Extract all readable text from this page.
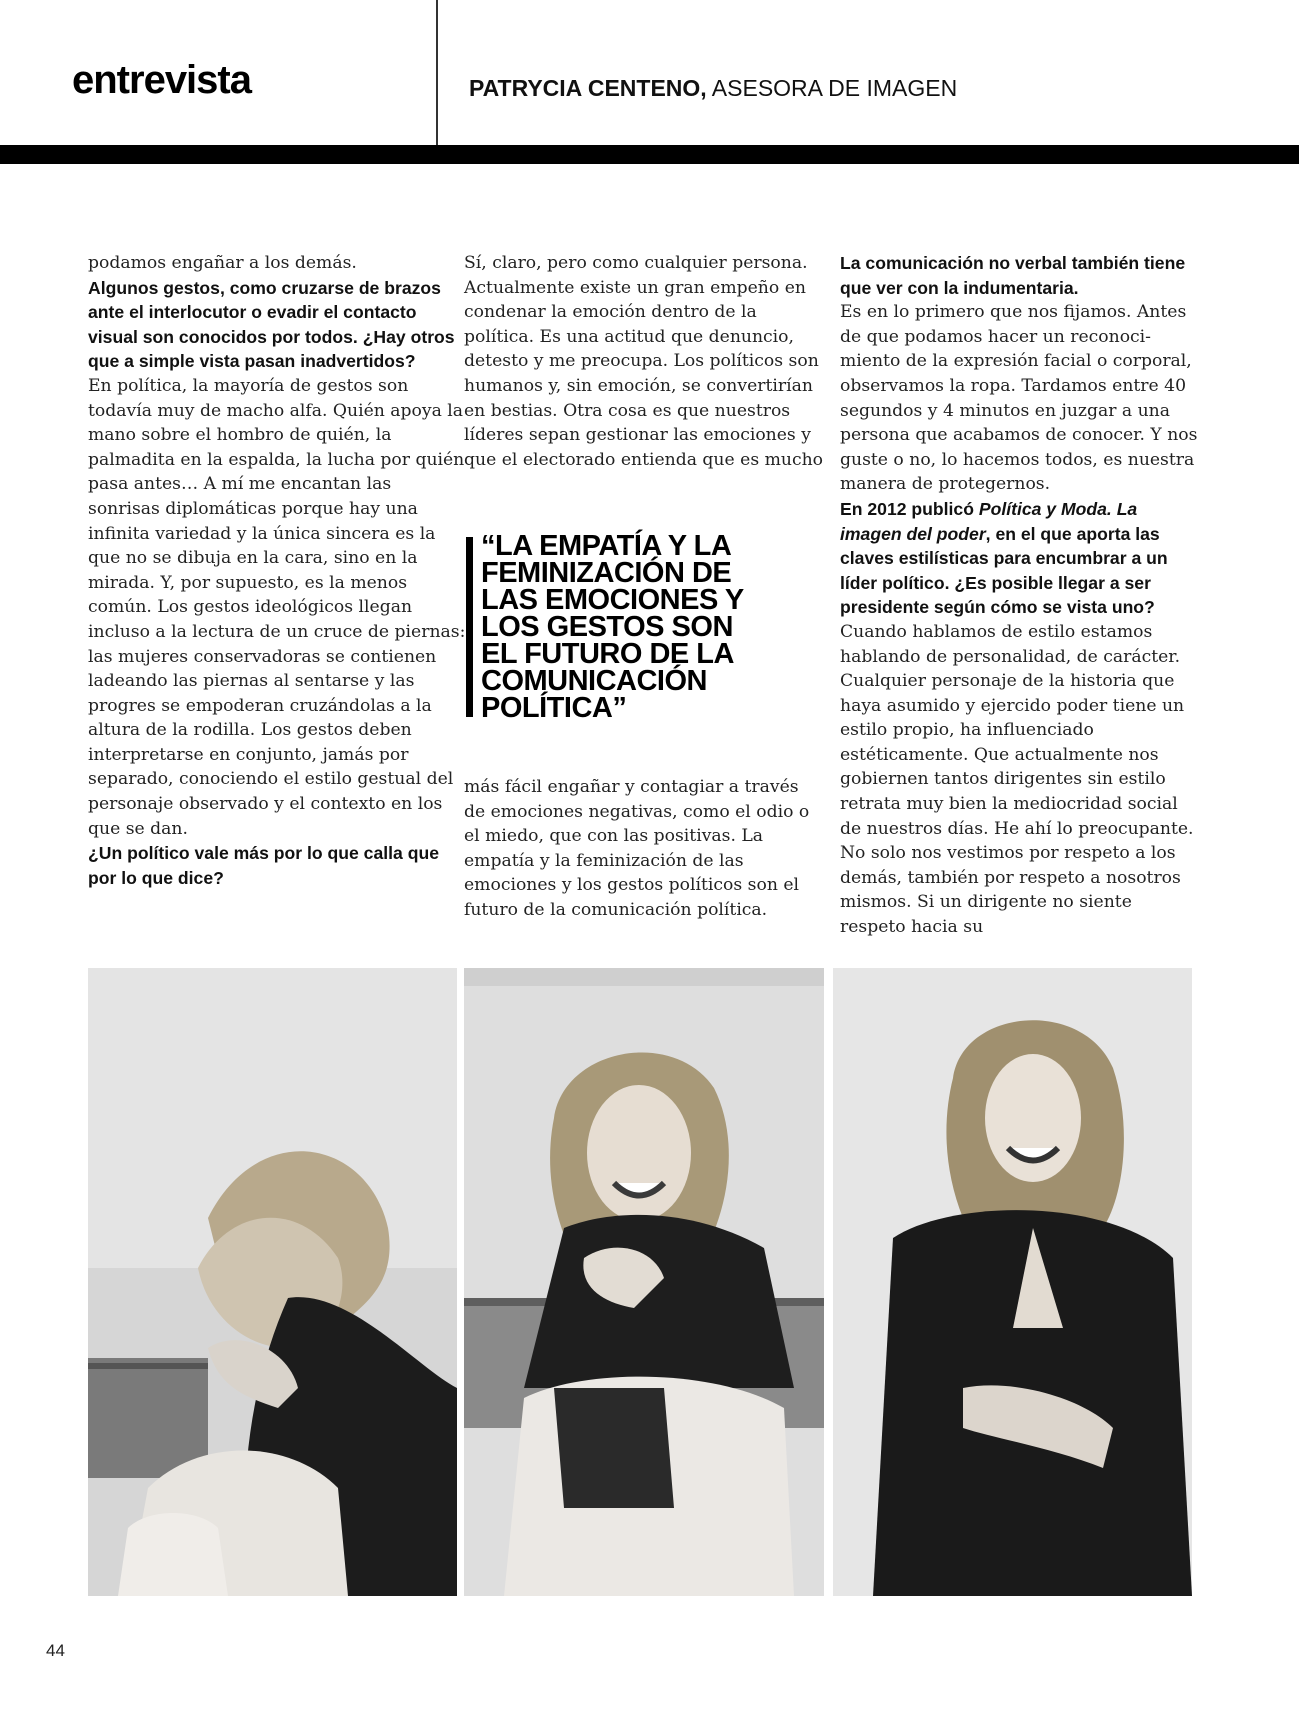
entrevista	PATRYCIA CENTENO, ASESORA DE IMAGEN

podamos engañar a los demás.

Algunos gestos, como cruzarse de brazos ante el interlocutor o evadir el contacto visual son conocidos por todos. ¿Hay otros que a simple vista pasan inadvertidos?

En política, la mayoría de gestos son todavía muy de macho alfa. Quién apoya la mano sobre el hombro de quién, la palmadita en la espalda, la lucha por quién pasa antes… A mí me encantan las sonrisas diplomáticas porque hay una infinita variedad y la única sincera es la que no se dibuja en la cara, sino en la mirada. Y, por supuesto, es la menos común. Los gestos ideológicos llegan incluso a la lectura de un cruce de piernas: las mujeres conservadoras se contienen ladeando las piernas al sentarse y las progres se empoderan cruzándolas a la altura de la rodilla. Los gestos deben interpretarse en conjunto, jamás por separado, conociendo el estilo gestual del personaje observado y el contexto en los que se dan.

¿Un político vale más por lo que calla que por lo que dice?

Sí, claro, pero como cualquier persona. Actualmente existe un gran empeño en condenar la emoción dentro de la política. Es una actitud que denuncio, detesto y me preocupa. Los políticos son humanos y, sin emoción, se convertirían en bestias. Otra cosa es que nuestros líderes sepan gestionar las emociones y que el electorado entienda que es mucho

“LA EMPATÍA Y LA FEMINIZACIÓN DE LAS EMOCIONES Y LOS GESTOS SON EL FUTURO DE LA COMUNICACIÓN POLÍTICA”

más fácil engañar y contagiar a través de emociones negativas, como el odio o el miedo, que con las positivas. La empatía y la feminización de las emociones y los gestos políticos son el futuro de la comunicación política.

La comunicación no verbal también tiene que ver con la indumentaria.

Es en lo primero que nos fijamos. Antes de que podamos hacer un reconoci-miento de la expresión facial o corporal, observamos la ropa. Tardamos entre 40 segundos y 4 minutos en juzgar a una persona que acabamos de conocer. Y nos guste o no, lo hacemos todos, es nuestra manera de protegernos.

En 2012 publicó Política y Moda. La imagen del poder, en el que aporta las claves estilísticas para encumbrar a un líder político. ¿Es posible llegar a ser presidente según cómo se vista uno?

Cuando hablamos de estilo estamos hablando de personalidad, de carácter. Cualquier personaje de la historia que haya asumido y ejercido poder tiene un estilo propio, ha influenciado estéticamente. Que actualmente nos gobiernen tantos dirigentes sin estilo retrata muy bien la mediocridad social de nuestros días. He ahí lo preocupante. No solo nos vestimos por respeto a los demás, también por respeto a nosotros mismos. Si un dirigente no siente respeto hacia su

44
